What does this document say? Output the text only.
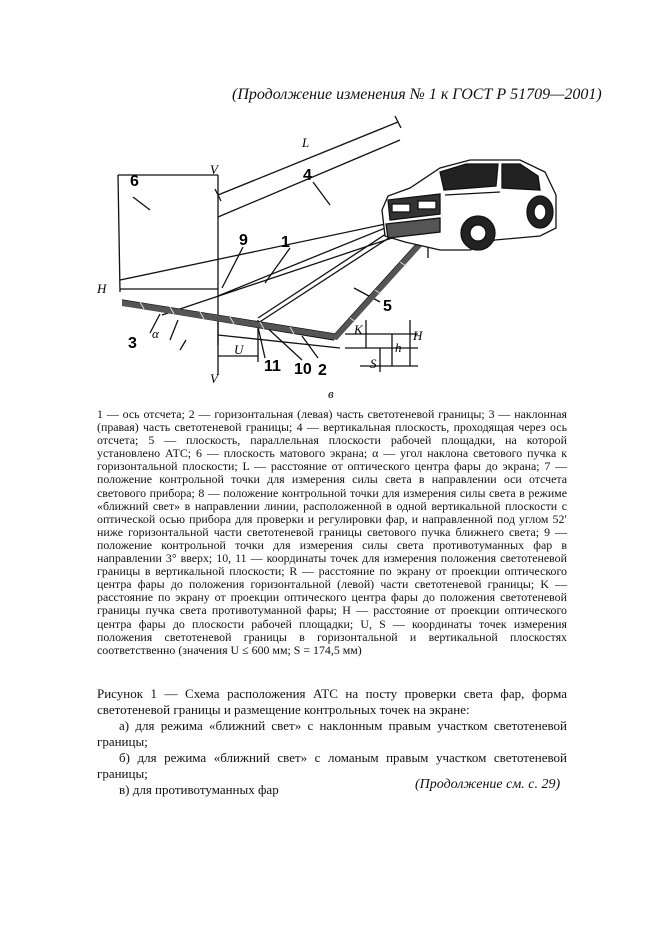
(Продолжение изменения № 1 к ГОСТ Р 51709—2001)
L
V
V
H
H
1
2
3
4
5
6
9
10
11
α
U
K
h
S
в
1 — ось отсчета; 2 — горизонтальная (левая) часть светотеневой границы; 3 — наклонная (правая) часть светотеневой границы; 4 — вертикальная плоскость, проходящая через ось отсчета; 5 — плоскость, параллельная плоскости рабочей площадки, на которой установлено АТС; 6 — плоскость матового экрана; α — угол наклона светового пучка к горизонтальной плоскости; L — расстояние от оптического центра фары до экрана; 7 — положение контрольной точки для измерения силы света в направлении оси отсчета светового прибора; 8 — положение контрольной точки для измерения силы света в режиме «ближний свет» в направлении линии, расположенной в одной вертикальной плоскости с оптической осью прибора для проверки и регулировки фар, и направленной под углом 52ʹ ниже горизонтальной части светотеневой границы светового пучка ближнего света; 9 — положение контрольной точки для измерения силы света противотуманных фар в направлении 3° вверх; 10, 11 — координаты точек для измерения положения светотеневой границы в вертикальной плоскости; R — расстояние по экрану от проекции оптического центра фары до положения горизонтальной (левой) части светотеневой границы; K — расстояние по экрану от проекции оптического центра фары до положения светотеневой границы пучка света противотуманной фары; H — расстояние от проекции оптического центра фары до плоскости рабочей площадки; U, S — координаты точек измерения положения светотеневой границы в горизонтальной и вертикальной плоскостях соответственно (значения U ≤ 600 мм; S = 174,5 мм)

Рисунок 1 — Схема расположения АТС на посту проверки света фар, форма светотеневой границы и размещение контрольных точек на экране:

а) для режима «ближний свет» с наклонным правым участком светотеневой границы;

б) для режима «ближний свет» с ломаным правым участком светотеневой границы;

в) для противотуманных фар	(Продолжение см. с. 29)
